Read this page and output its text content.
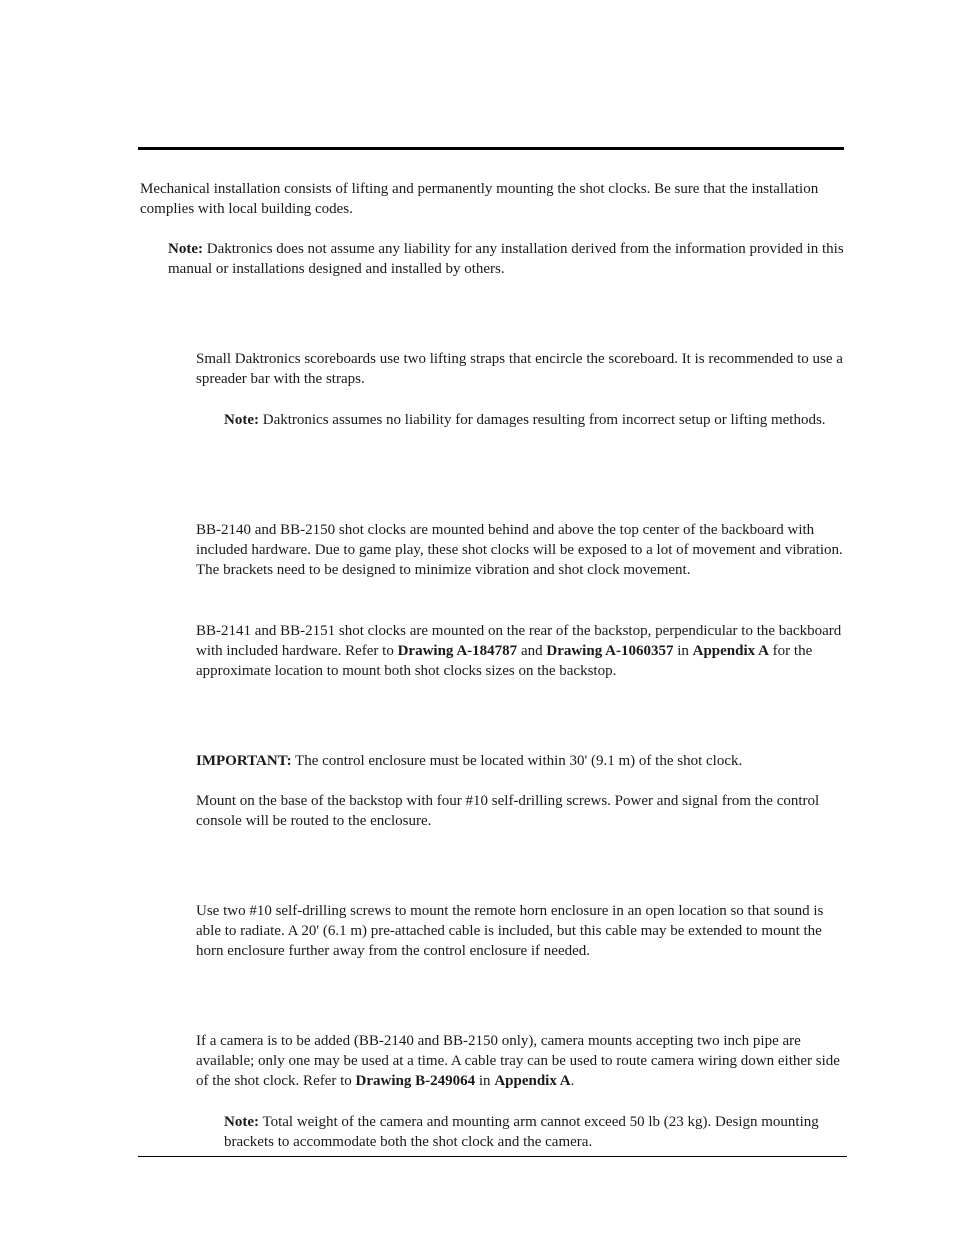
Mechanical installation consists of lifting and permanently mounting the shot clocks. Be sure that the installation complies with local building codes.

Note: Daktronics does not assume any liability for any installation derived from the information provided in this manual or installations designed and installed by others.

Small Daktronics scoreboards use two lifting straps that encircle the scoreboard. It is recommended to use a spreader bar with the straps.

Note: Daktronics assumes no liability for damages resulting from incorrect setup or lifting methods.

BB-2140 and BB-2150 shot clocks are mounted behind and above the top center of the backboard with included hardware. Due to game play, these shot clocks will be exposed to a lot of movement and vibration. The brackets need to be designed to minimize vibration and shot clock movement.

BB-2141 and BB-2151 shot clocks are mounted on the rear of the backstop, perpendicular to the backboard with included hardware. Refer to Drawing A-184787 and Drawing A-1060357 in Appendix A for the approximate location to mount both shot clocks sizes on the backstop.

IMPORTANT: The control enclosure must be located within 30' (9.1 m) of the shot clock.

Mount on the base of the backstop with four #10 self-drilling screws. Power and signal from the control console will be routed to the enclosure.

Use two #10 self-drilling screws to mount the remote horn enclosure in an open location so that sound is able to radiate. A 20' (6.1 m) pre-attached cable is included, but this cable may be extended to mount the horn enclosure further away from the control enclosure if needed.

If a camera is to be added (BB-2140 and BB-2150 only), camera mounts accepting two inch pipe are available; only one may be used at a time. A cable tray can be used to route camera wiring down either side of the shot clock. Refer to Drawing B-249064 in Appendix A.

Note: Total weight of the camera and mounting arm cannot exceed 50 lb (23 kg). Design mounting brackets to accommodate both the shot clock and the camera.
